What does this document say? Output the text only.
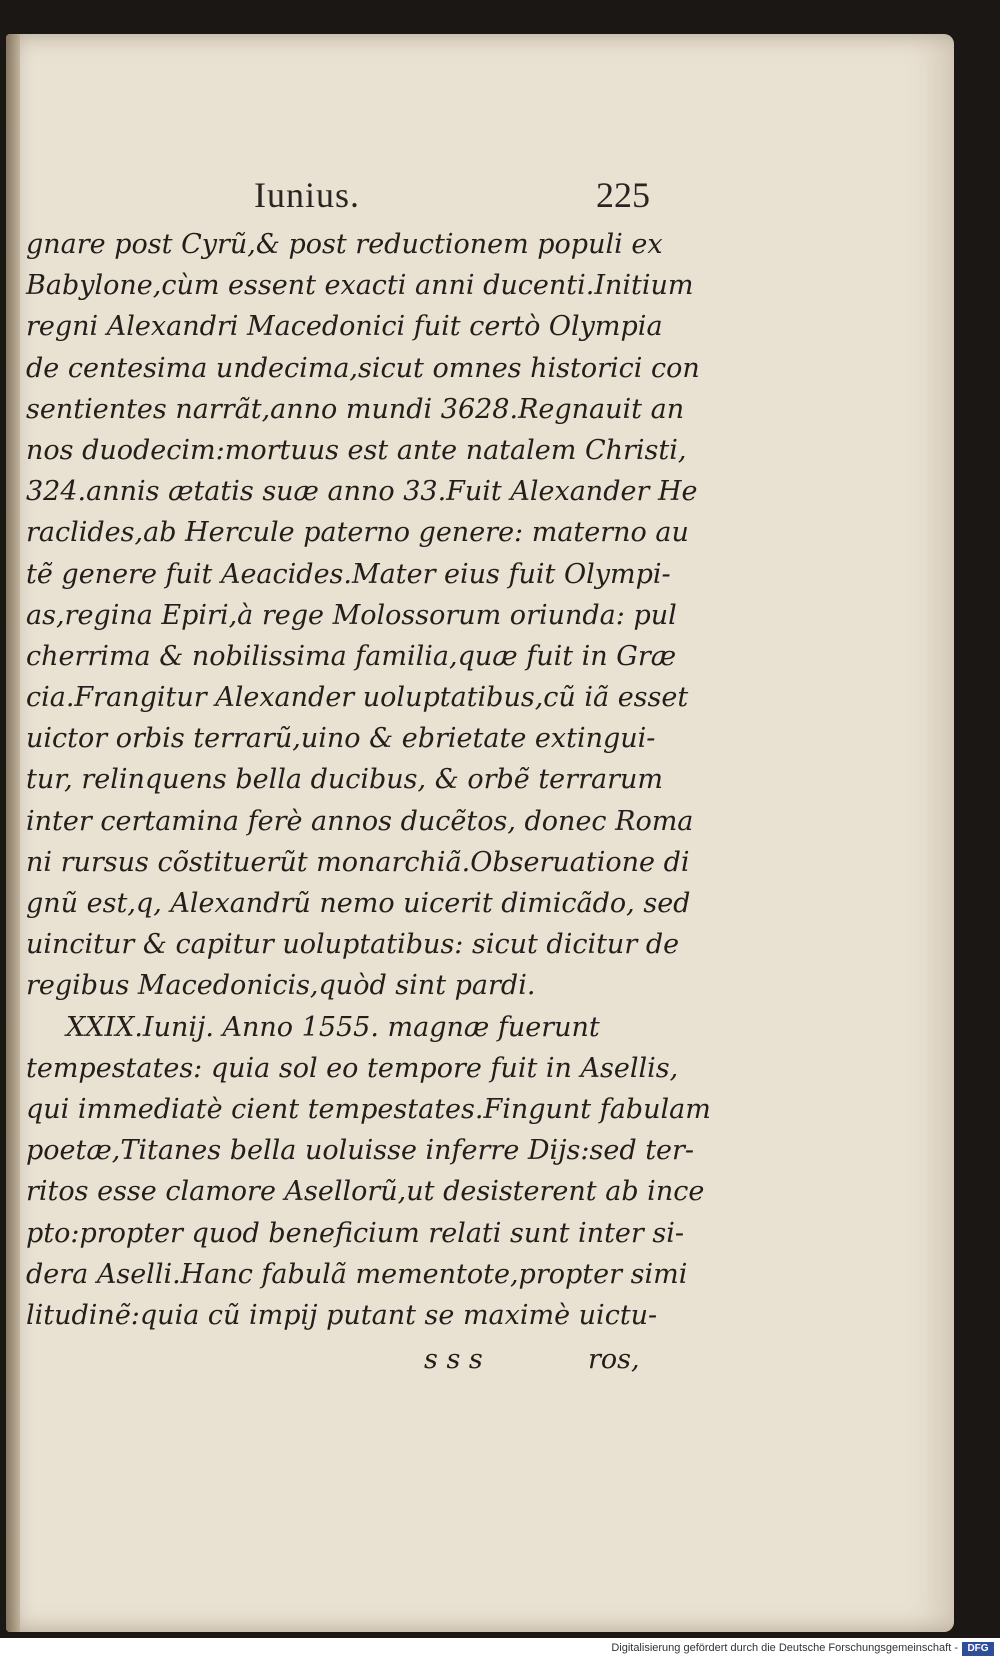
Iunius.	225
gnare post Cyrũ,& post reductionem populi ex
Babylone,cùm essent exacti anni ducenti.Initium
regni Alexandri Macedonici fuit certò Olympia
de centesima undecima,sicut omnes historici con
sentientes narrãt,anno mundi 3628.Regnauit an
nos duodecim:mortuus est ante natalem Christi,
324.annis ætatis suæ anno 33.Fuit Alexander He
raclides,ab Hercule paterno genere: materno au
tẽ genere fuit Aeacides.Mater eius fuit Olympi-
as,regina Epiri,à rege Molossorum oriunda: pul
cherrima & nobilissima familia,quæ fuit in Græ
cia.Frangitur Alexander uoluptatibus,cũ iã esset
uictor orbis terrarũ,uino & ebrietate extingui-
tur, relinquens bella ducibus, & orbẽ terrarum
inter certamina ferè annos ducẽtos, donec Roma
ni rursus cõstituerũt monarchiã.Obseruatione di
gnũ est,q, Alexandrũ nemo uicerit dimicãdo, sed
uincitur & capitur uoluptatibus: sicut dicitur de
regibus Macedonicis,quòd sint pardi.
XXIX.Iunij. Anno 1555. magnæ fuerunt
tempestates: quia sol eo tempore fuit in Asellis,
qui immediatè cient tempestates.Fingunt fabulam
poetæ,Titanes bella uoluisse inferre Dijs:sed ter-
ritos esse clamore Asellorũ,ut desisterent ab ince
pto:propter quod beneficium relati sunt inter si-
dera Aselli.Hanc fabulã mementote,propter simi
litudinẽ:quia cũ impij putant se maximè uictu-
s s s	ros,
Digitalisierung gefördert durch die Deutsche Forschungsgemeinschaft - DFG
